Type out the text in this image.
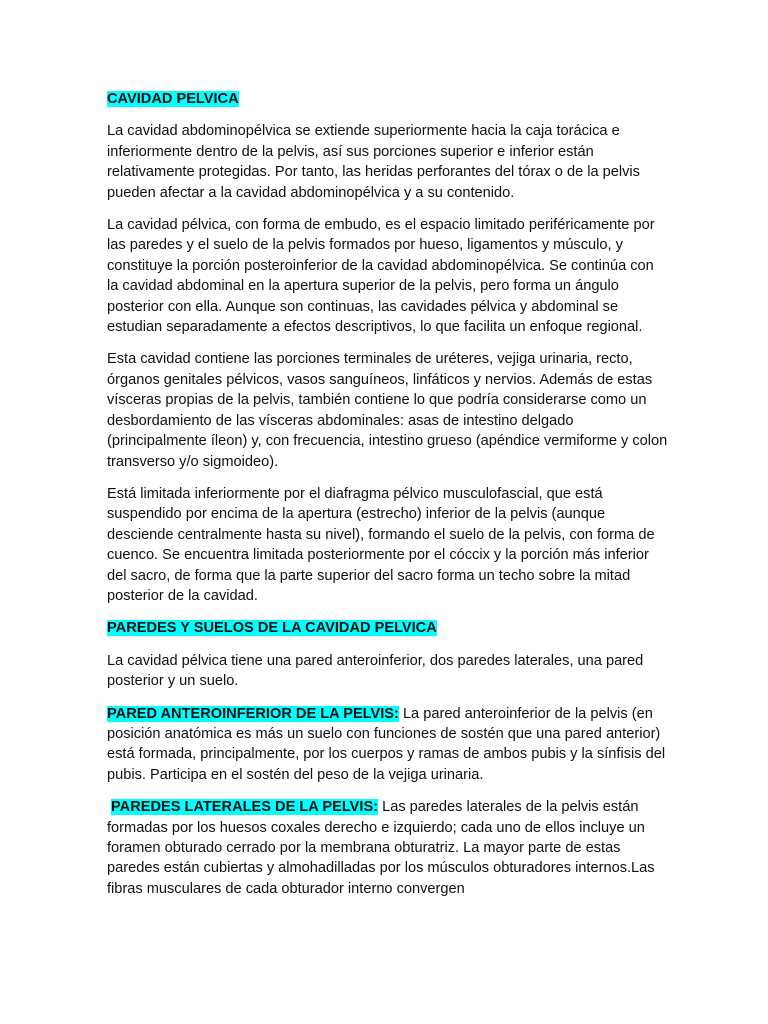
CAVIDAD PELVICA

La cavidad abdominopélvica se extiende superiormente hacia la caja torácica e inferiormente dentro de la pelvis, así sus porciones superior e inferior están relativamente protegidas. Por tanto, las heridas perforantes del tórax o de la pelvis pueden afectar a la cavidad abdominopélvica y a su contenido.

La cavidad pélvica, con forma de embudo, es el espacio limitado periféricamente por las paredes y el suelo de la pelvis formados por hueso, ligamentos y músculo, y constituye la porción posteroinferior de la cavidad abdominopélvica. Se continúa con la cavidad abdominal en la apertura superior de la pelvis, pero forma un ángulo posterior con ella. Aunque son continuas, las cavidades pélvica y abdominal se estudian separadamente a efectos descriptivos, lo que facilita un enfoque regional.

Esta cavidad contiene las porciones terminales de uréteres, vejiga urinaria, recto, órganos genitales pélvicos, vasos sanguíneos, linfáticos y nervios. Además de estas vísceras propias de la pelvis, también contiene lo que podría considerarse como un desbordamiento de las vísceras abdominales: asas de intestino delgado (principalmente íleon) y, con frecuencia, intestino grueso (apéndice vermiforme y colon transverso y/o sigmoideo).

Está limitada inferiormente por el diafragma pélvico musculofascial, que está suspendido por encima de la apertura (estrecho) inferior de la pelvis (aunque desciende centralmente hasta su nivel), formando el suelo de la pelvis, con forma de cuenco. Se encuentra limitada posteriormente por el cóccix y la porción más inferior del sacro, de forma que la parte superior del sacro forma un techo sobre la mitad posterior de la cavidad.

PAREDES Y SUELOS DE LA CAVIDAD PELVICA

La cavidad pélvica tiene una pared anteroinferior, dos paredes laterales, una pared posterior y un suelo.

PARED ANTEROINFERIOR DE LA PELVIS: La pared anteroinferior de la pelvis (en posición anatómica es más un suelo con funciones de sostén que una pared anterior) está formada, principalmente, por los cuerpos y ramas de ambos pubis y la sínfisis del pubis. Participa en el sostén del peso de la vejiga urinaria.

PAREDES LATERALES DE LA PELVIS: Las paredes laterales de la pelvis están formadas por los huesos coxales derecho e izquierdo; cada uno de ellos incluye un foramen obturado cerrado por la membrana obturatriz. La mayor parte de estas paredes están cubiertas y almohadilladas por los músculos obturadores internos.Las fibras musculares de cada obturador interno convergen
